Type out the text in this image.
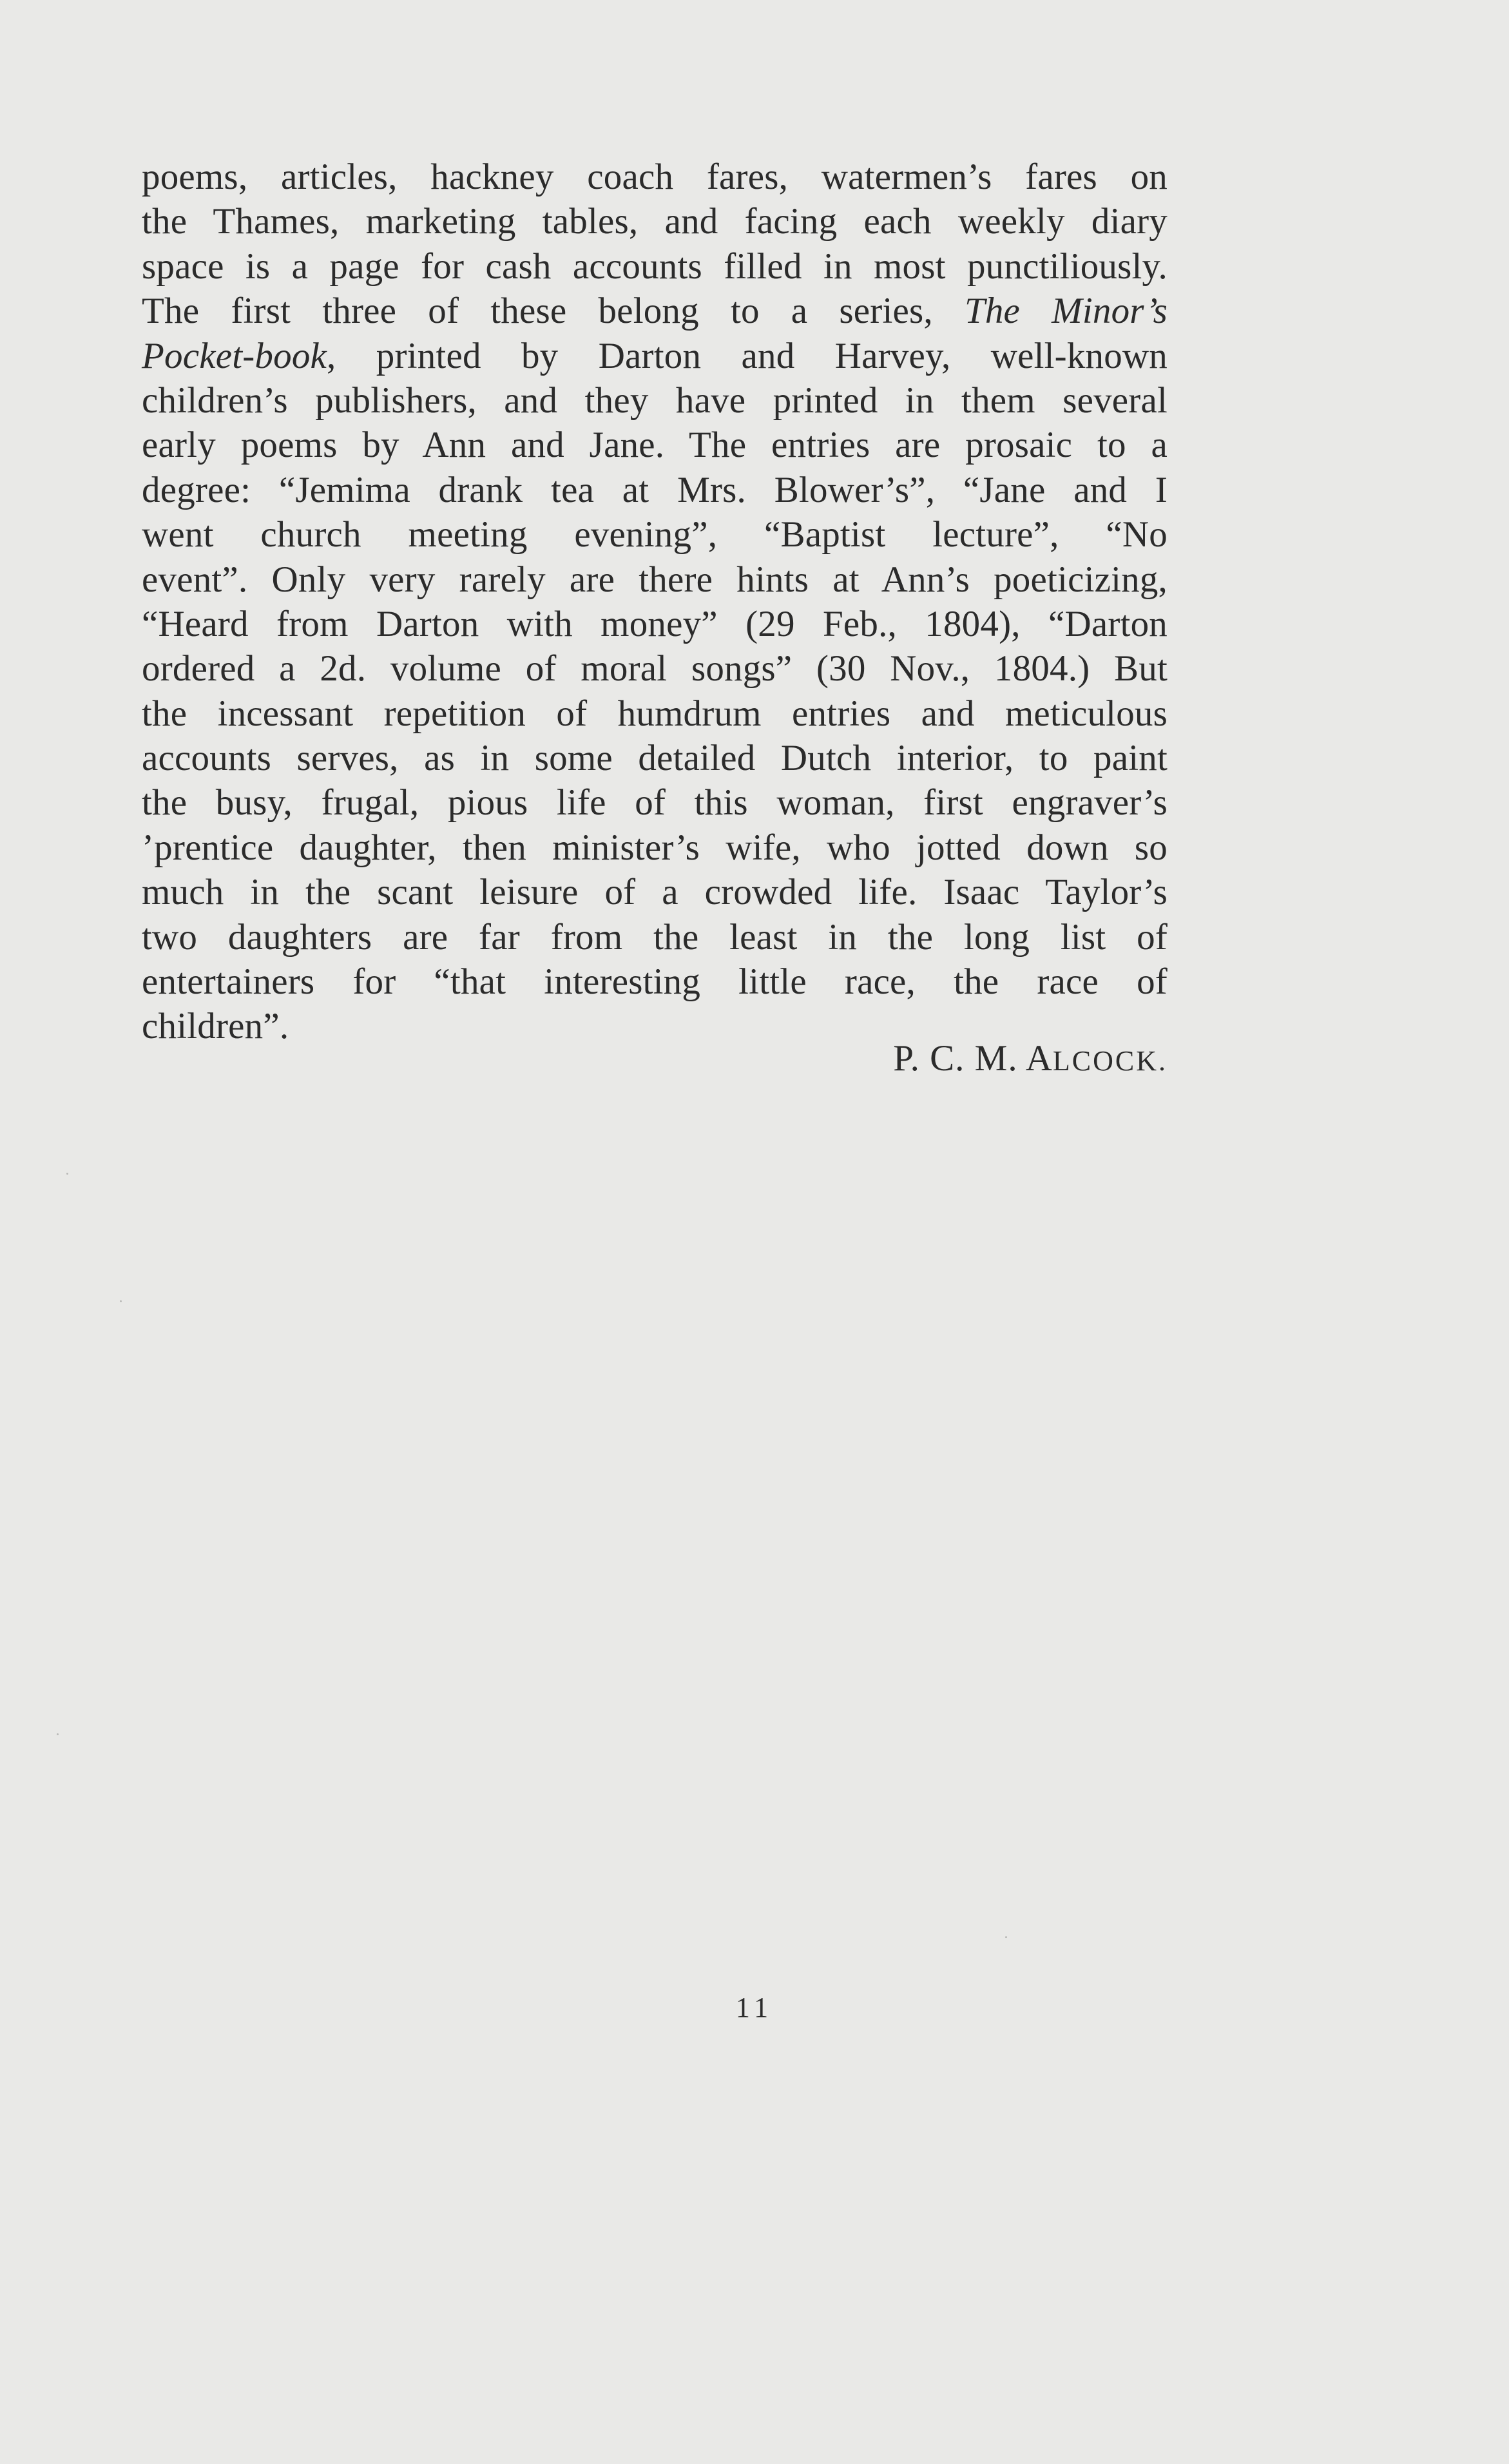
poems, articles, hackney coach fares, watermen’s fares on
the Thames, marketing tables, and facing each weekly diary
space is a page for cash accounts filled in most punctiliously.
The first three of these belong to a series, The Minor’s
Pocket-book, printed by Darton and Harvey, well-known
children’s publishers, and they have printed in them several
early poems by Ann and Jane. The entries are prosaic to a
degree: “Jemima drank tea at Mrs. Blower’s”, “Jane and I
went church meeting evening”, “Baptist lecture”, “No
event”. Only very rarely are there hints at Ann’s poeticizing,
“Heard from Darton with money” (29 Feb., 1804), “Darton
ordered a 2d. volume of moral songs” (30 Nov., 1804.) But
the incessant repetition of humdrum entries and meticulous
accounts serves, as in some detailed Dutch interior, to paint
the busy, frugal, pious life of this woman, first engraver’s
’prentice daughter, then minister’s wife, who jotted down so
much in the scant leisure of a crowded life. Isaac Taylor’s
two daughters are far from the least in the long list of
entertainers for “that interesting little race, the race of
children”.
P. C. M. ALCOCK.
11
